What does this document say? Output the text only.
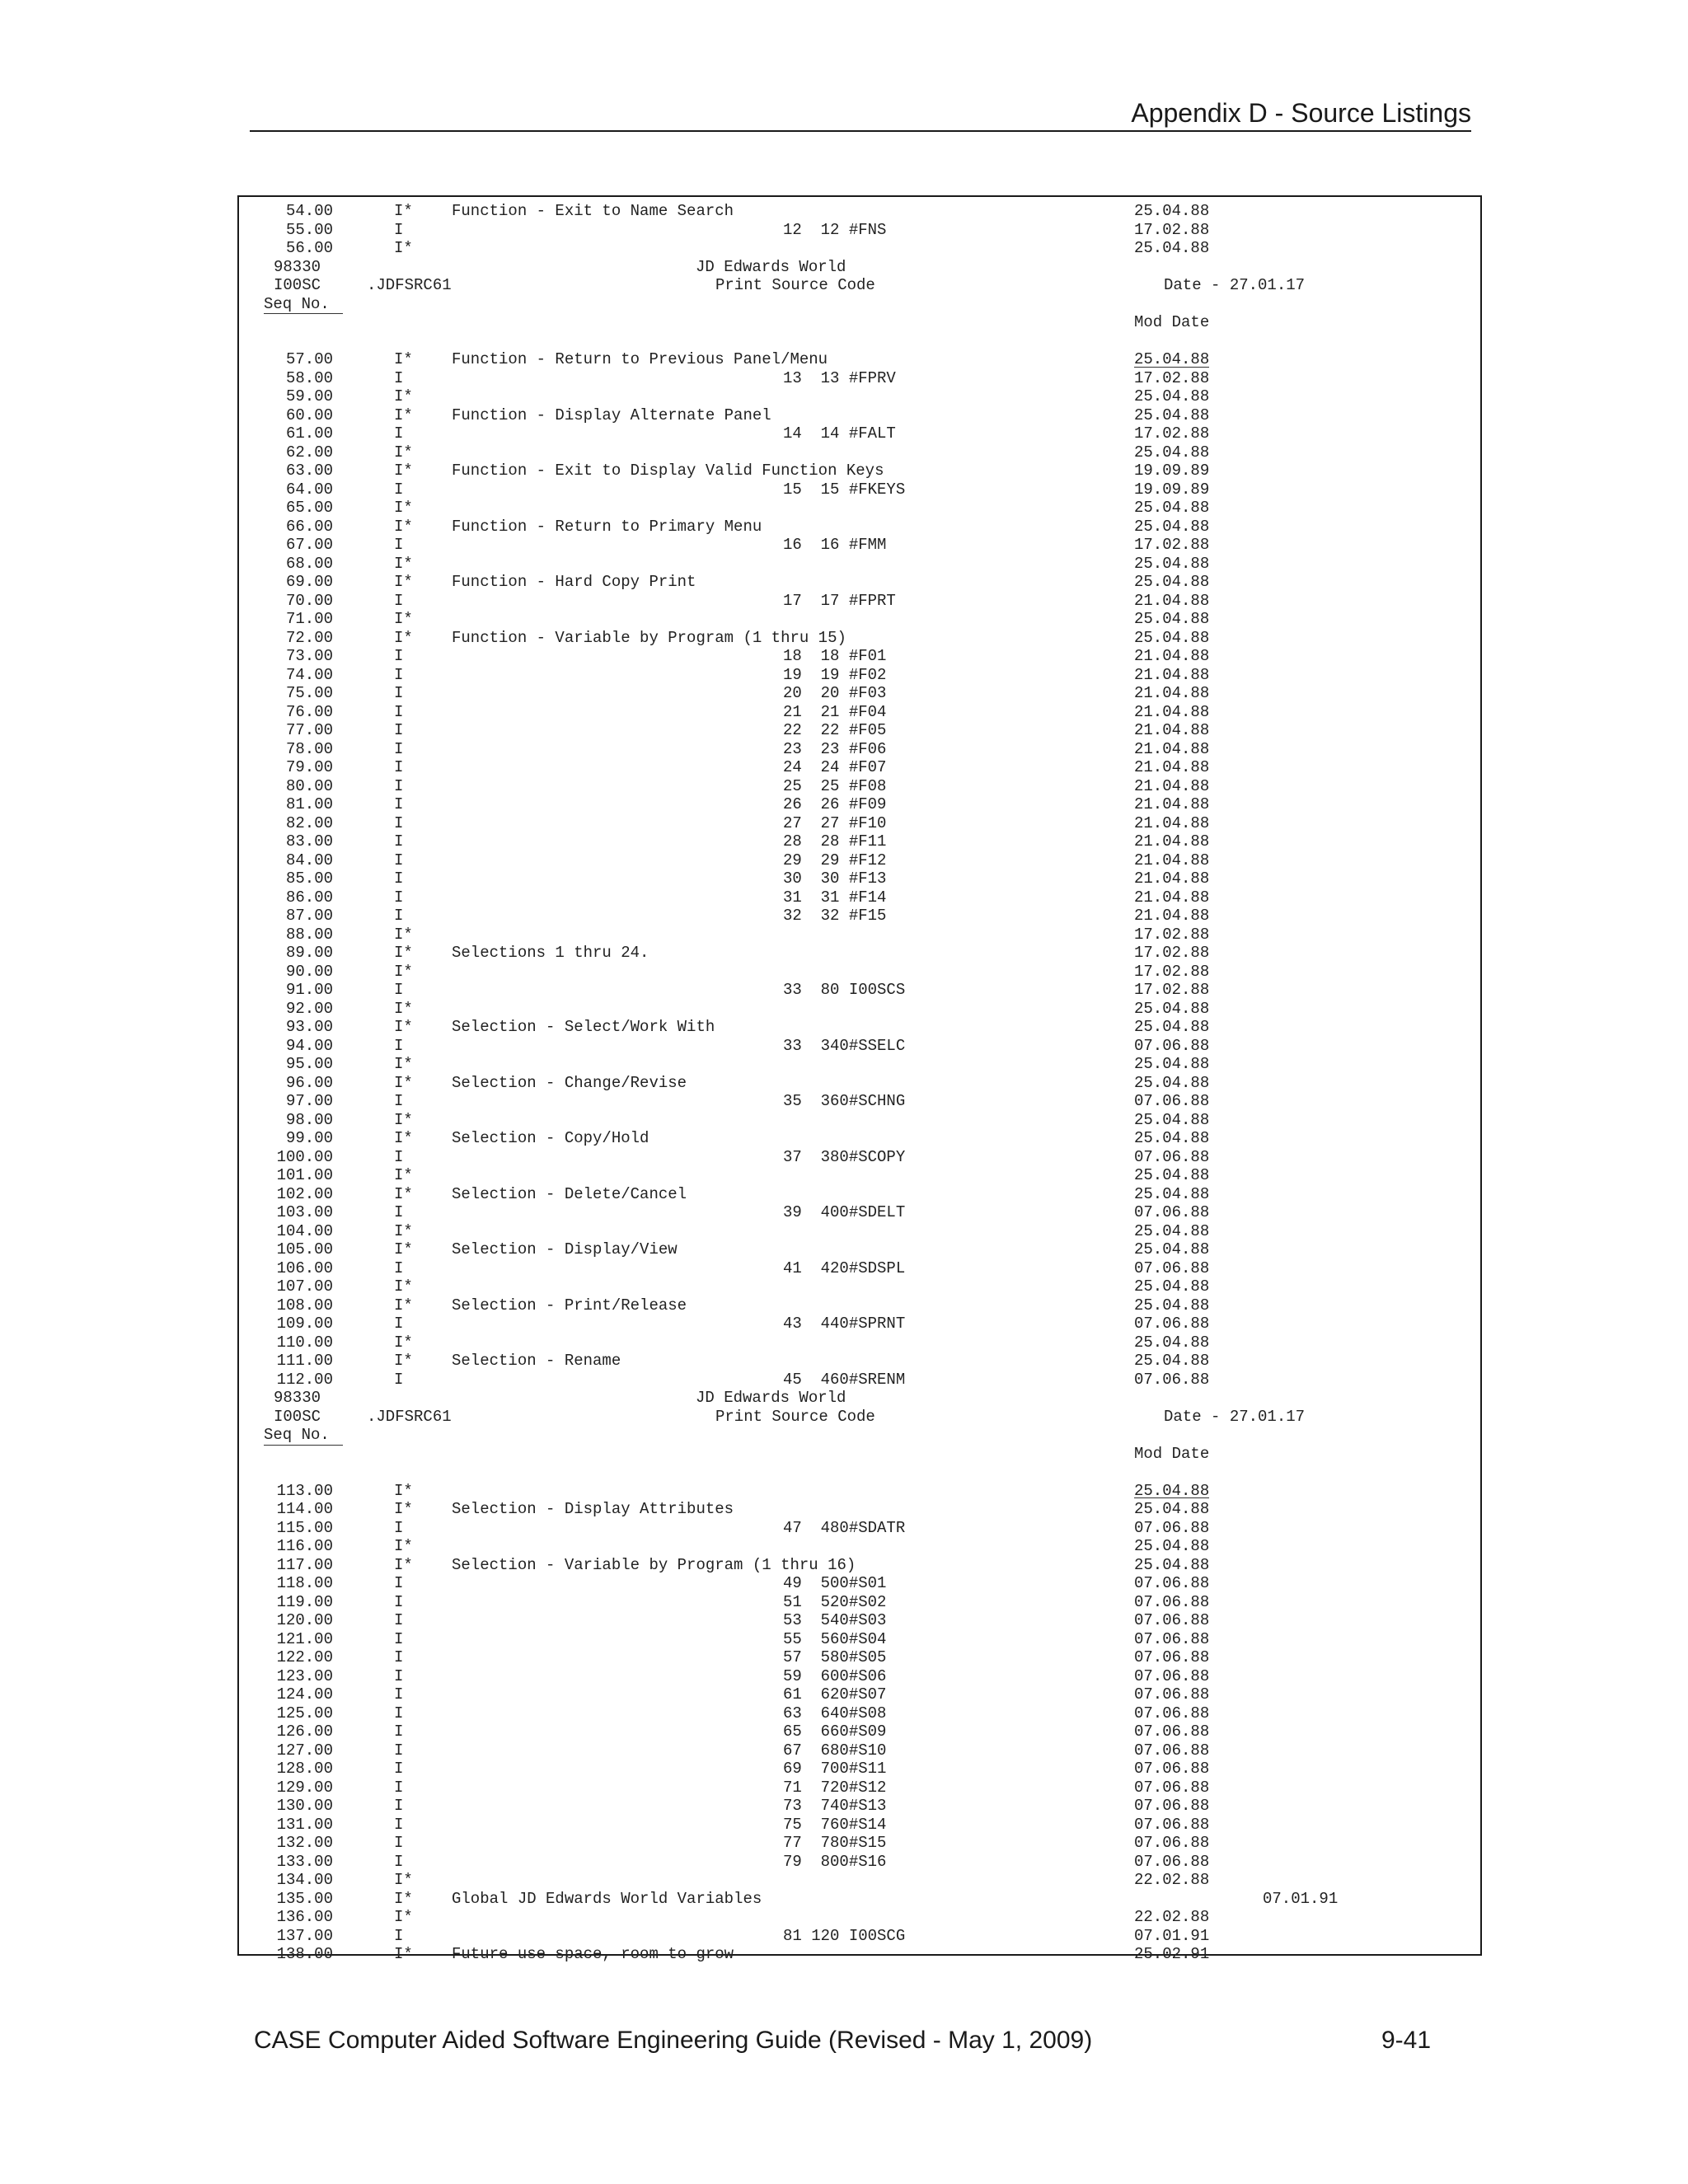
Appendix D - Source Listings
54.00	I* Function - Exit to Name Search	25.04.88
55.00	I	12  12 #FNS	17.02.88
56.00	I*	25.04.88
98330	JD Edwards World
I00SC	.JDFSRC61	Print Source Code	Date - 27.01.17
Seq No.
Mod Date
57.00	I* Function - Return to Previous Panel/Menu	25.04.88
58.00	I	13  13 #FPRV	17.02.88
59.00	I*	25.04.88
60.00	I* Function - Display Alternate Panel	25.04.88
61.00	I	14  14 #FALT	17.02.88
62.00	I*	25.04.88
63.00	I* Function - Exit to Display Valid Function Keys	19.09.89
64.00	I	15  15 #FKEYS	19.09.89
65.00	I*	25.04.88
66.00	I* Function - Return to Primary Menu	25.04.88
67.00	I	16  16 #FMM	17.02.88
68.00	I*	25.04.88
69.00	I* Function - Hard Copy Print	25.04.88
70.00	I	17  17 #FPRT	21.04.88
71.00	I*	25.04.88
72.00	I* Function - Variable by Program (1 thru 15)	25.04.88
73.00	I	18  18 #F01	21.04.88
74.00	I	19  19 #F02	21.04.88
75.00	I	20  20 #F03	21.04.88
76.00	I	21  21 #F04	21.04.88
77.00	I	22  22 #F05	21.04.88
78.00	I	23  23 #F06	21.04.88
79.00	I	24  24 #F07	21.04.88
80.00	I	25  25 #F08	21.04.88
81.00	I	26  26 #F09	21.04.88
82.00	I	27  27 #F10	21.04.88
83.00	I	28  28 #F11	21.04.88
84.00	I	29  29 #F12	21.04.88
85.00	I	30  30 #F13	21.04.88
86.00	I	31  31 #F14	21.04.88
87.00	I	32  32 #F15	21.04.88
88.00	I*	17.02.88
89.00	I* Selections 1 thru 24.	17.02.88
90.00	I*	17.02.88
91.00	I	33  80 I00SCS	17.02.88
92.00	I*	25.04.88
93.00	I* Selection - Select/Work With	25.04.88
94.00	I	33  340#SSELC	07.06.88
95.00	I*	25.04.88
96.00	I* Selection - Change/Revise	25.04.88
97.00	I	35  360#SCHNG	07.06.88
98.00	I*	25.04.88
99.00	I* Selection - Copy/Hold	25.04.88
100.00	I	37  380#SCOPY	07.06.88
101.00	I*	25.04.88
102.00	I* Selection - Delete/Cancel	25.04.88
103.00	I	39  400#SDELT	07.06.88
104.00	I*	25.04.88
105.00	I* Selection - Display/View	25.04.88
106.00	I	41  420#SDSPL	07.06.88
107.00	I*	25.04.88
108.00	I* Selection - Print/Release	25.04.88
109.00	I	43  440#SPRNT	07.06.88
110.00	I*	25.04.88
111.00	I* Selection - Rename	25.04.88
112.00	I	45  460#SRENM	07.06.88
98330	JD Edwards World
I00SC	.JDFSRC61	Print Source Code	Date - 27.01.17
Seq No.
Mod Date
113.00	I*	25.04.88
114.00	I* Selection - Display Attributes	25.04.88
115.00	I	47  480#SDATR	07.06.88
116.00	I*	25.04.88
117.00	I* Selection - Variable by Program (1 thru 16)	25.04.88
118.00	I	49  500#S01	07.06.88
119.00	I	51  520#S02	07.06.88
120.00	I	53  540#S03	07.06.88
121.00	I	55  560#S04	07.06.88
122.00	I	57  580#S05	07.06.88
123.00	I	59  600#S06	07.06.88
124.00	I	61  620#S07	07.06.88
125.00	I	63  640#S08	07.06.88
126.00	I	65  660#S09	07.06.88
127.00	I	67  680#S10	07.06.88
128.00	I	69  700#S11	07.06.88
129.00	I	71  720#S12	07.06.88
130.00	I	73  740#S13	07.06.88
131.00	I	75  760#S14	07.06.88
132.00	I	77  780#S15	07.06.88
133.00	I	79  800#S16	07.06.88
134.00	I*	22.02.88
135.00	I* Global JD Edwards World Variables	07.01.91
136.00	I*	22.02.88
137.00	I	81 120 I00SCG	07.01.91
138.00	I* Future use space, room to grow	25.02.91
CASE Computer Aided Software Engineering Guide (Revised - May 1, 2009)	9-41
